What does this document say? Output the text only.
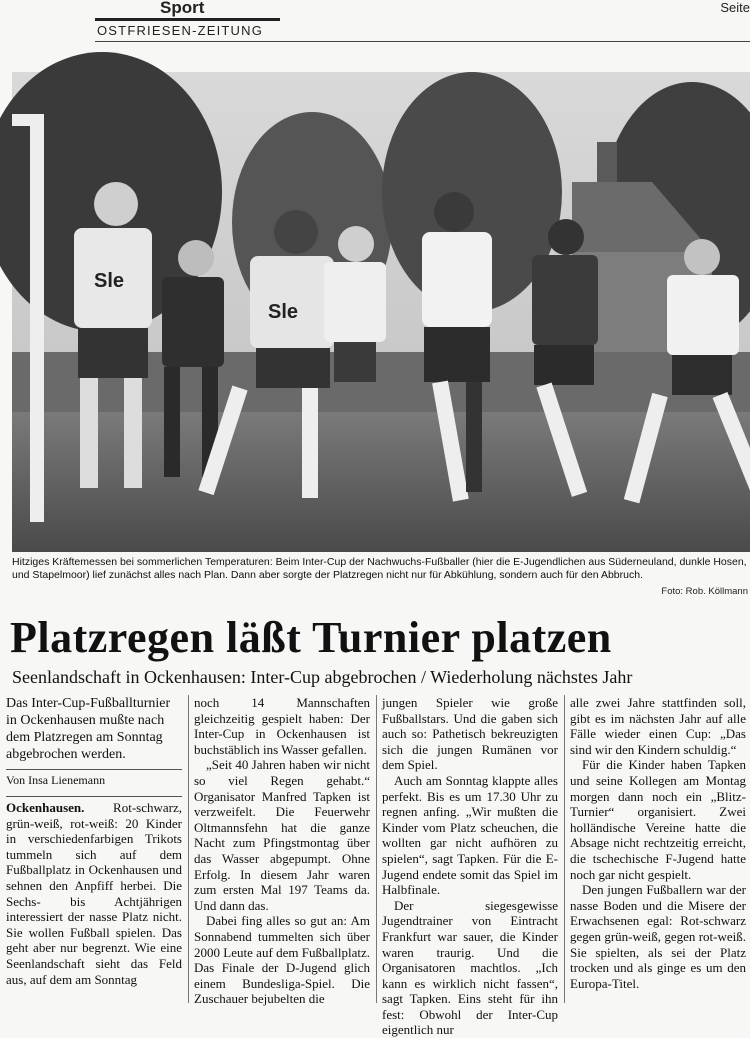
Sport
OSTFRIESEN-ZEITUNG
Seite
Sle
Sle
Hitziges Kräftemessen bei sommerlichen Temperaturen: Beim Inter-Cup der Nachwuchs-Fußballer (hier die E-Jugendlichen aus Süderneuland, dunkle Hosen, und Stapelmoor) lief zunächst alles nach Plan. Dann aber sorgte der Platzregen nicht nur für Abkühlung, sondern auch für den Abbruch.
Foto: Rob. Köllmann
Platzregen läßt Turnier platzen
Seenlandschaft in Ockenhausen: Inter-Cup abgebrochen / Wiederholung nächstes Jahr

Das Inter-Cup-Fußballturnier in Ockenhausen mußte nach dem Platzregen am Sonntag abgebrochen werden.

Von Insa Lienemann

Ockenhausen. Rot-schwarz, grün-weiß, rot-weiß: 20 Kinder in verschiedenfarbigen Trikots tummeln sich auf dem Fußballplatz in Ockenhausen und sehnen den Anpfiff herbei. Die Sechs- bis Achtjährigen interessiert der nasse Platz nicht. Sie wollen Fußball spielen. Das geht aber nur begrenzt. Wie eine Seenlandschaft sieht das Feld aus, auf dem am Sonntag

noch 14 Mannschaften gleichzeitig gespielt haben: Der Inter-Cup in Ockenhausen ist buchstäblich ins Wasser gefallen.

„Seit 40 Jahren haben wir nicht so viel Regen gehabt.“ Organisator Manfred Tapken ist verzweifelt. Die Feuerwehr Oltmannsfehn hat die ganze Nacht zum Pfingstmontag über das Wasser abgepumpt. Ohne Erfolg. In diesem Jahr waren zum ersten Mal 197 Teams da. Und dann das.

Dabei fing alles so gut an: Am Sonnabend tummelten sich über 2000 Leute auf dem Fußballplatz. Das Finale der D-Jugend glich einem Bundesliga-Spiel. Die Zuschauer bejubelten die

jungen Spieler wie große Fußballstars. Und die gaben sich auch so: Pathetisch bekreuzigten sich die jungen Rumänen vor dem Spiel.

Auch am Sonntag klappte alles perfekt. Bis es um 17.30 Uhr zu regnen anfing. „Wir mußten die Kinder vom Platz scheuchen, die wollten gar nicht aufhören zu spielen“, sagt Tapken. Für die E-Jugend endete somit das Spiel im Halbfinale.

Der siegesgewisse Jugendtrainer von Eintracht Frankfurt war sauer, die Kinder waren traurig. Und die Organisatoren machtlos. „Ich kann es wirklich nicht fassen“, sagt Tapken. Eins steht für ihn fest: Obwohl der Inter-Cup eigentlich nur

alle zwei Jahre stattfinden soll, gibt es im nächsten Jahr auf alle Fälle wieder einen Cup: „Das sind wir den Kindern schuldig.“

Für die Kinder haben Tapken und seine Kollegen am Montag morgen dann noch ein „Blitz-Turnier“ organisiert. Zwei holländische Vereine hatte die Absage nicht rechtzeitig erreicht, die tschechische F-Jugend hatte noch gar nicht gespielt.

Den jungen Fußballern war der nasse Boden und die Misere der Erwachsenen egal: Rot-schwarz gegen grün-weiß, gegen rot-weiß. Sie spielten, als sei der Platz trocken und als ginge es um den Europa-Titel.
